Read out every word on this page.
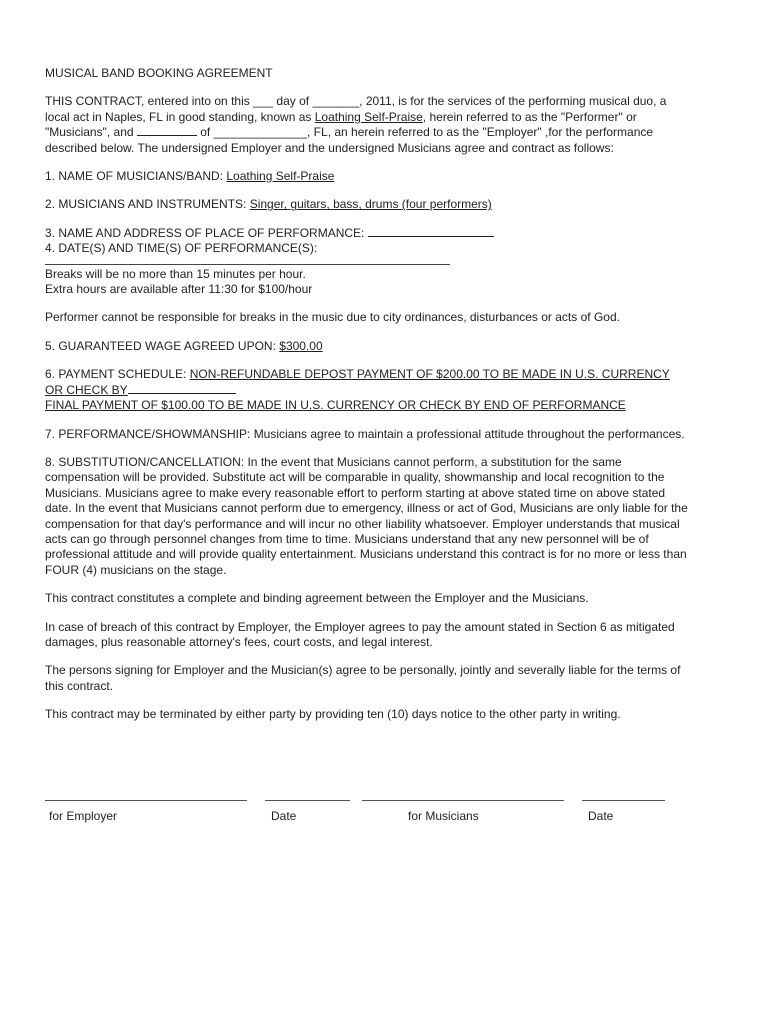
MUSICAL BAND BOOKING AGREEMENT
THIS CONTRACT, entered into on this ___ day of _______, 2011, is for the services of the performing musical duo, a
local act in Naples, FL in good standing, known as Loathing Self-Praise, herein referred to as the "Performer" or
"Musicians", and	of ______________, FL, an herein referred to as the "Employer" ,for the performance
described below. The undersigned Employer and the undersigned Musicians agree and contract as follows:
1. NAME OF MUSICIANS/BAND: Loathing Self-Praise
2. MUSICIANS AND INSTRUMENTS: Singer, guitars, bass, drums (four performers)
3. NAME AND ADDRESS OF PLACE OF PERFORMANCE:
4. DATE(S) AND TIME(S) OF PERFORMANCE(S):
Breaks will be no more than 15 minutes per hour.
Extra hours are available after 11:30 for $100/hour
Performer cannot be responsible for breaks in the music due to city ordinances, disturbances or acts of God.
5. GUARANTEED WAGE AGREED UPON: $300.00
6. PAYMENT SCHEDULE: NON-REFUNDABLE DEPOST PAYMENT OF $200.00 TO BE MADE IN U.S. CURRENCY
OR CHECK BY
FINAL PAYMENT OF $100.00 TO BE MADE IN U.S. CURRENCY OR CHECK BY END OF PERFORMANCE
7. PERFORMANCE/SHOWMANSHIP: Musicians agree to maintain a professional attitude throughout the performances.
8. SUBSTITUTION/CANCELLATION: In the event that Musicians cannot perform, a substitution for the same
compensation will be provided. Substitute act will be comparable in quality, showmanship and local recognition to the
Musicians. Musicians agree to make every reasonable effort to perform starting at above stated time on above stated
date. In the event that Musicians cannot perform due to emergency, illness or act of God, Musicians are only liable for the
compensation for that day's performance and will incur no other liability whatsoever. Employer understands that musical
acts can go through personnel changes from time to time. Musicians understand that any new personnel will be of
professional attitude and will provide quality entertainment. Musicians understand this contract is for no more or less than
FOUR (4) musicians on the stage.
This contract constitutes a complete and binding agreement between the Employer and the Musicians.
In case of breach of this contract by Employer, the Employer agrees to pay the amount stated in Section 6 as mitigated
damages, plus reasonable attorney's fees, court costs, and legal interest.
The persons signing for Employer and the Musician(s) agree to be personally, jointly and severally liable for the terms of
this contract.
This contract may be terminated by either party by providing ten (10) days notice to the other party in writing.
for Employer	Date	for Musicians	Date
